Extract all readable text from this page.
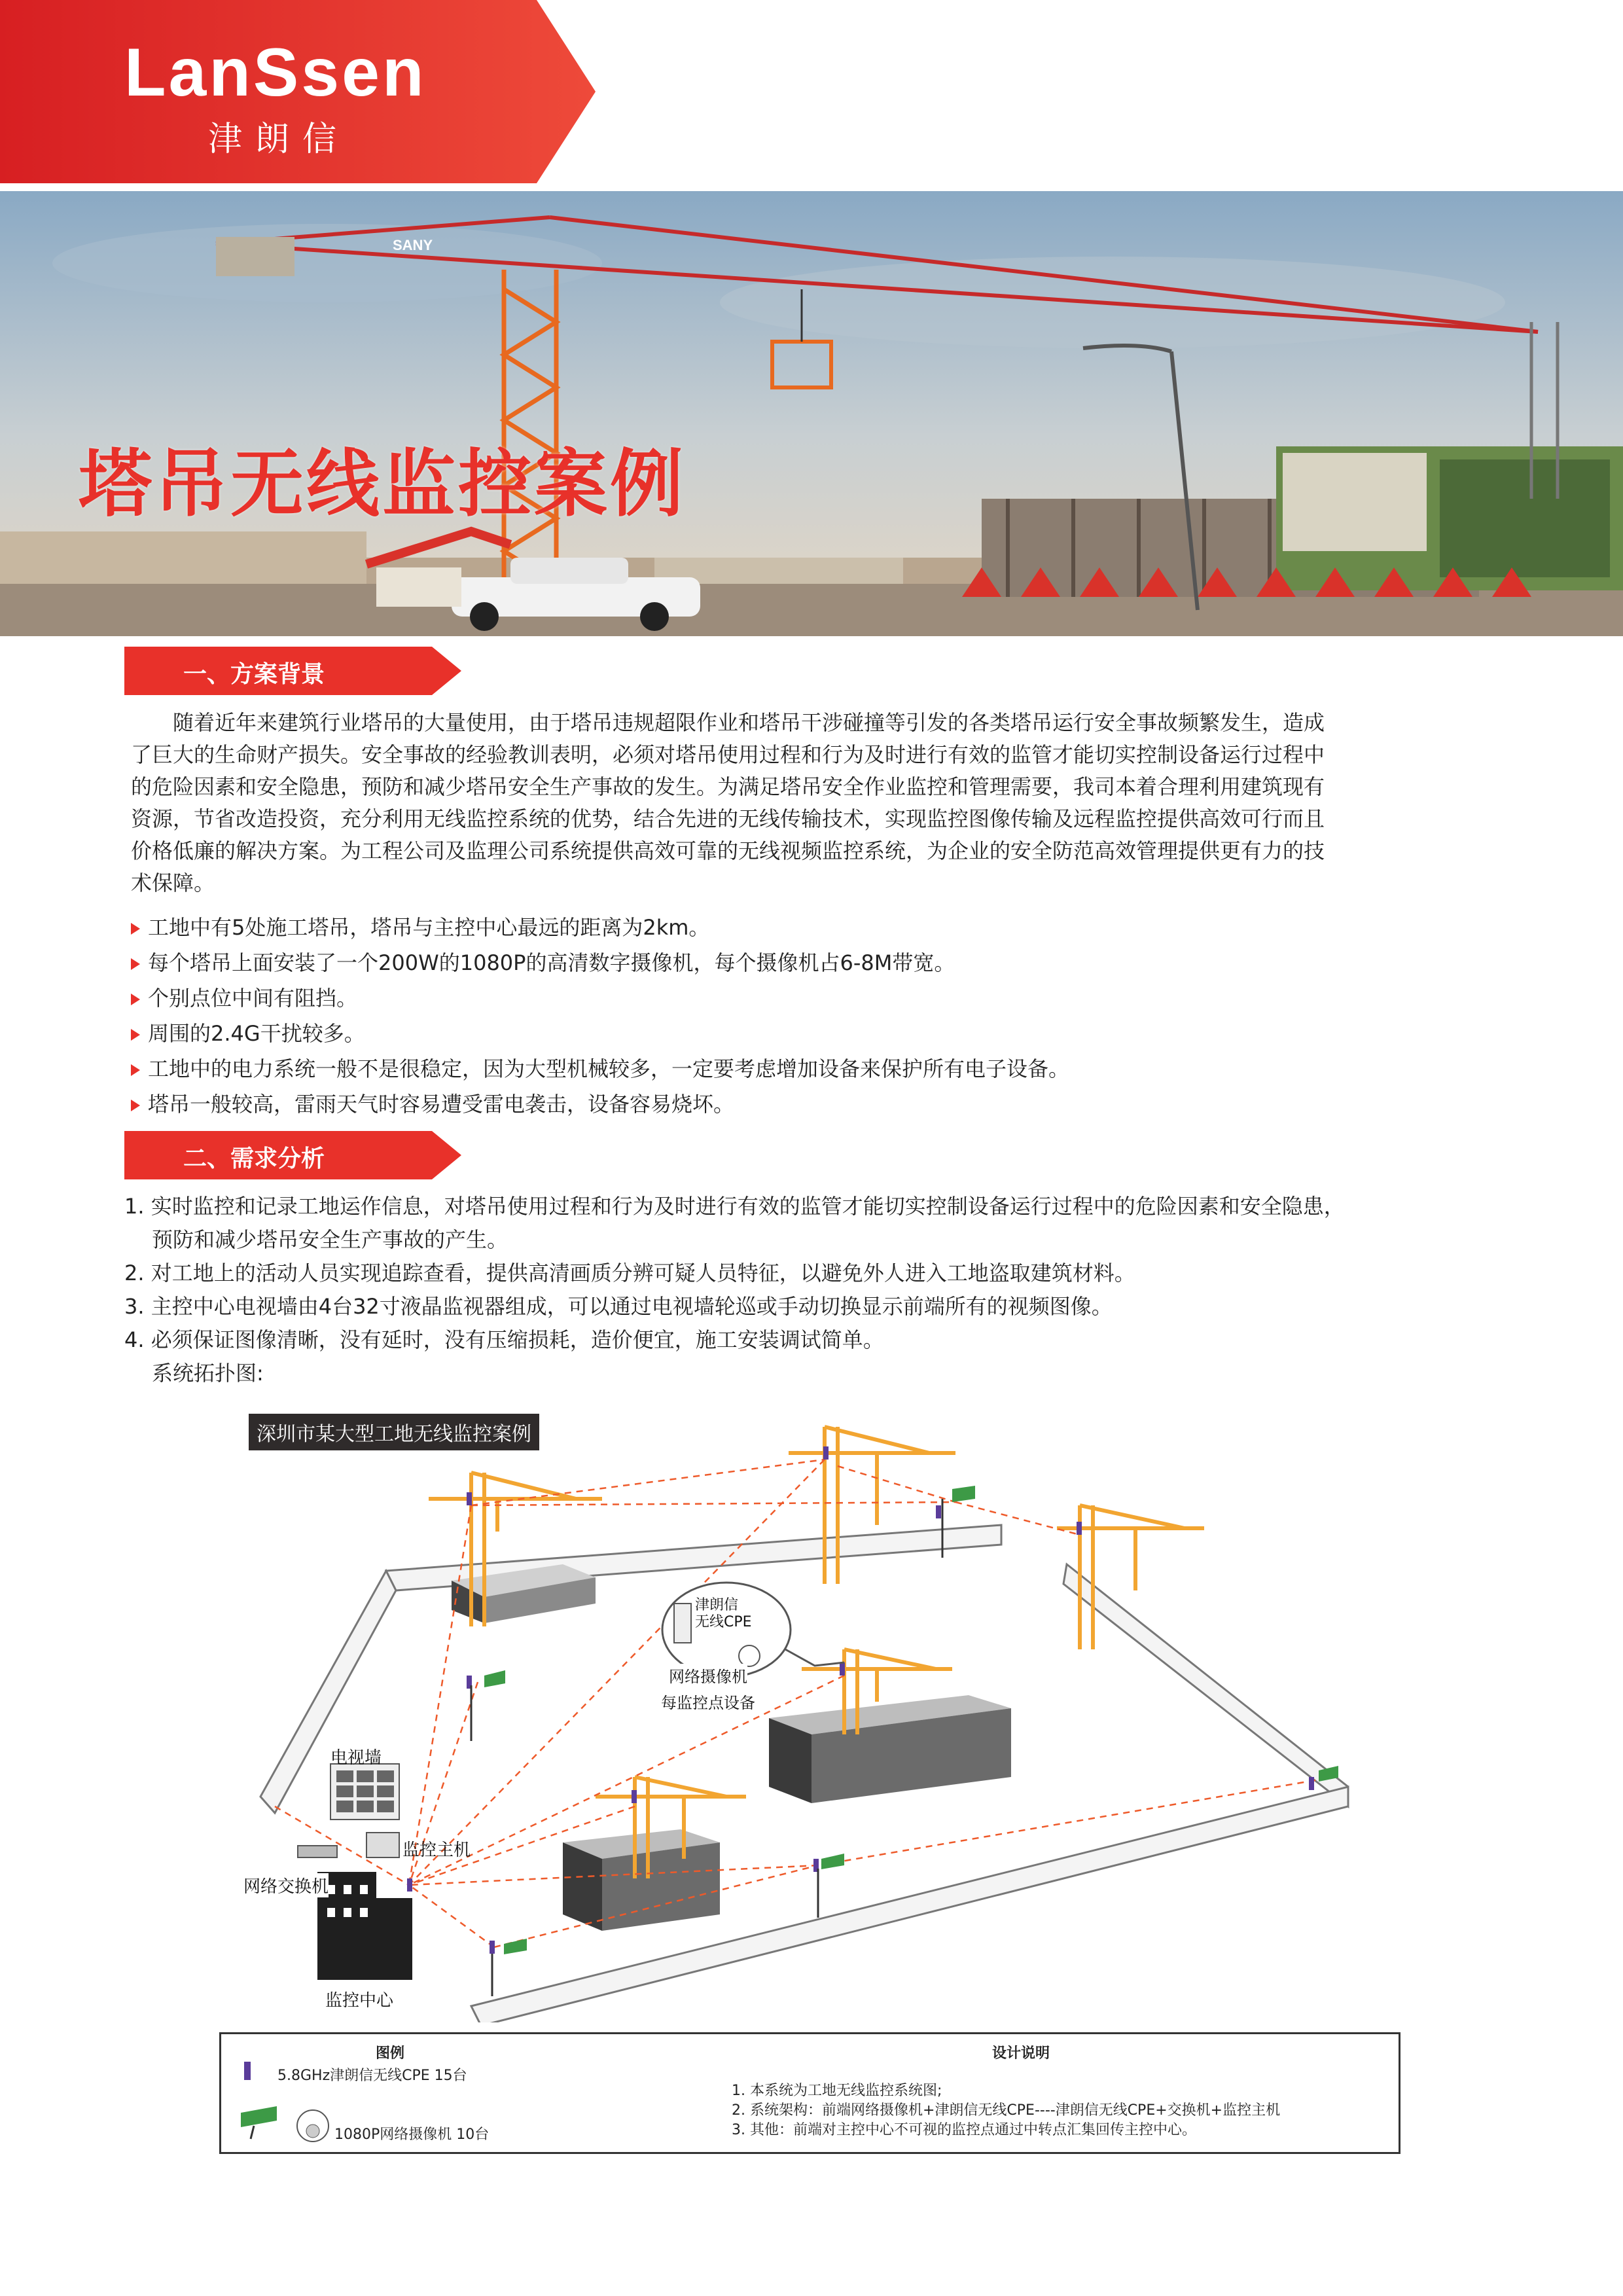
LanSsen
津朗信
SANY
塔吊无线监控案例
一、方案背景
随着近年来建筑行业塔吊的大量使用，由于塔吊违规超限作业和塔吊干涉碰撞等引发的各类塔吊运行安全事故频繁发生，造成
了巨大的生命财产损失。安全事故的经验教训表明，必须对塔吊使用过程和行为及时进行有效的监管才能切实控制设备运行过程中
的危险因素和安全隐患，预防和减少塔吊安全生产事故的发生。为满足塔吊安全作业监控和管理需要，我司本着合理利用建筑现有
资源，节省改造投资，充分利用无线监控系统的优势，结合先进的无线传输技术，实现监控图像传输及远程监控提供高效可行而且
价格低廉的解决方案。为工程公司及监理公司系统提供高效可靠的无线视频监控系统，为企业的安全防范高效管理提供更有力的技
术保障。
工地中有5处施工塔吊，塔吊与主控中心最远的距离为2km。
每个塔吊上面安装了一个200W的1080P的高清数字摄像机，每个摄像机占6-8M带宽。
个别点位中间有阻挡。
周围的2.4G干扰较多。
工地中的电力系统一般不是很稳定，因为大型机械较多，一定要考虑增加设备来保护所有电子设备。
塔吊一般较高，雷雨天气时容易遭受雷电袭击，设备容易烧坏。
二、需求分析
1. 实时监控和记录工地运作信息，对塔吊使用过程和行为及时进行有效的监管才能切实控制设备运行过程中的危险因素和安全隐患，
预防和减少塔吊安全生产事故的产生。
2. 对工地上的活动人员实现追踪查看，提供高清画质分辨可疑人员特征，以避免外人进入工地盗取建筑材料。
3. 主控中心电视墙由4台32寸液晶监视器组成，可以通过电视墙轮巡或手动切换显示前端所有的视频图像。
4. 必须保证图像清晰，没有延时，没有压缩损耗，造价便宜，施工安装调试简单。
系统拓扑图:
深圳市某大型工地无线监控案例
电视墙
监控主机
网络交换机
监控中心
津朗信
无线CPE
网络摄像机
每监控点设备
图例
5.8GHz津朗信无线CPE 15台
1080P网络摄像机 10台
设计说明
1. 本系统为工地无线监控系统图;
2. 系统架构：前端网络摄像机+津朗信无线CPE----津朗信无线CPE+交换机+监控主机
3. 其他：前端对主控中心不可视的监控点通过中转点汇集回传主控中心。
